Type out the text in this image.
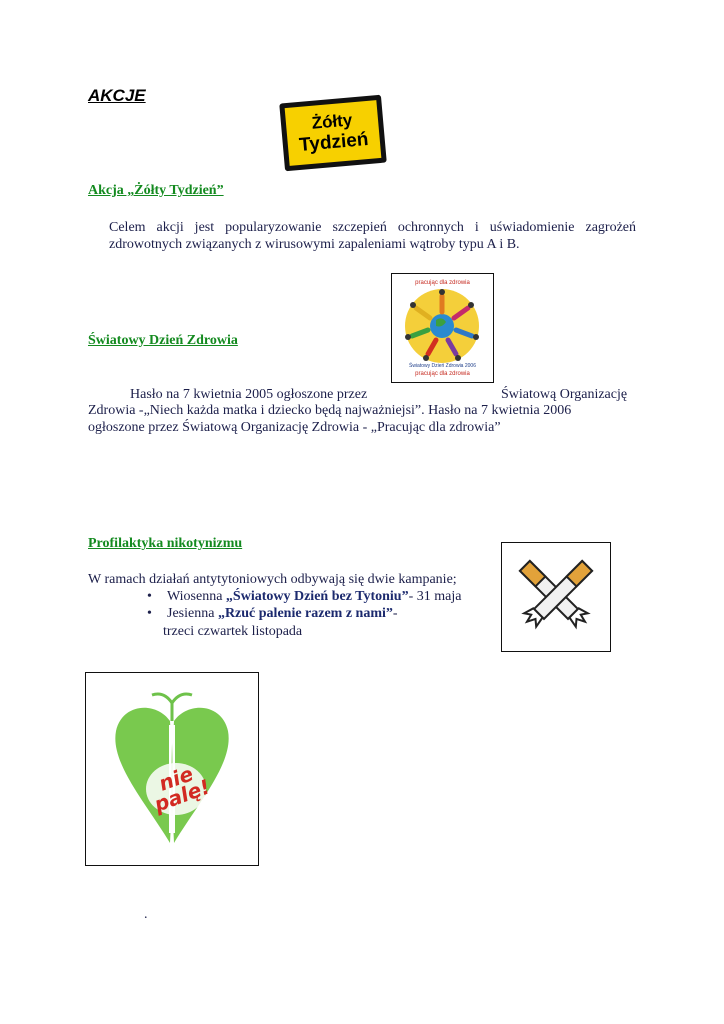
AKCJE
Żółty
Tydzień
Akcja „Żółty Tydzień”
Celem akcji jest popularyzowanie szczepień ochronnych i uświadomienie zagrożeń zdrowotnych związanych z wirusowymi zapaleniami wątroby typu A i B.
pracując dla zdrowia
Światowy Dzień Zdrowia 2006
pracując dla zdrowia
Światowy Dzień Zdrowia
Hasło na 7 kwietnia 2005 ogłoszone przez	Światową Organizację
Zdrowia -„Niech każda matka i dziecko będą najważniejsi”. Hasło na 7 kwietnia 2006
ogłoszone przez Światową Organizację Zdrowia - „Pracując dla zdrowia”
Profilaktyka nikotynizmu
W ramach działań antytytoniowych odbywają się dwie kampanie;
• Wiosenna „Światowy Dzień bez Tytoniu”- 31 maja
• Jesienna „Rzuć palenie razem z nami”-
trzeci czwartek listopada
nie palę!
.
